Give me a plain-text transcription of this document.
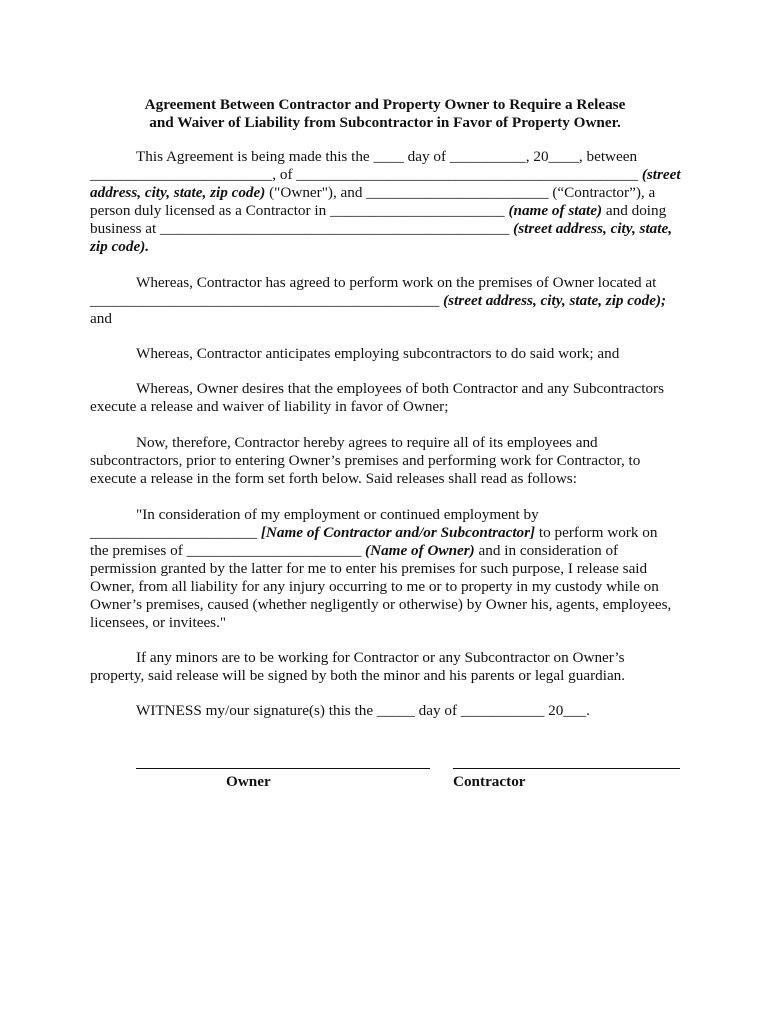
Agreement Between Contractor and Property Owner to Require a Release
and Waiver of Liability from Subcontractor in Favor of Property Owner.
This Agreement is being made this the ____ day of __________, 20____, between
________________________, of _____________________________________________ (street
address, city, state, zip code) ("Owner"), and ________________________ (“Contractor”), a
person duly licensed as a Contractor in _______________________ (name of state) and doing
business at ______________________________________________ (street address, city, state,
zip code).
Whereas, Contractor has agreed to perform work on the premises of Owner located at
______________________________________________ (street address, city, state, zip code);
and
Whereas, Contractor anticipates employing subcontractors to do said work; and
Whereas, Owner desires that the employees of both Contractor and any Subcontractors
execute a release and waiver of liability in favor of Owner;
Now, therefore, Contractor hereby agrees to require all of its employees and
subcontractors, prior to entering Owner’s premises and performing work for Contractor, to
execute a release in the form set forth below. Said releases shall read as follows:
"In consideration of my employment or continued employment by
______________________ [Name of Contractor and/or Subcontractor] to perform work on
the premises of _______________________ (Name of Owner) and in consideration of
permission granted by the latter for me to enter his premises for such purpose, I release said
Owner, from all liability for any injury occurring to me or to property in my custody while on
Owner’s premises, caused (whether negligently or otherwise) by Owner his, agents, employees,
licensees, or invitees."
If any minors are to be working for Contractor or any Subcontractor on Owner’s
property, said release will be signed by both the minor and his parents or legal guardian.
WITNESS my/our signature(s) this the _____ day of ___________ 20___.
Owner	Contractor
